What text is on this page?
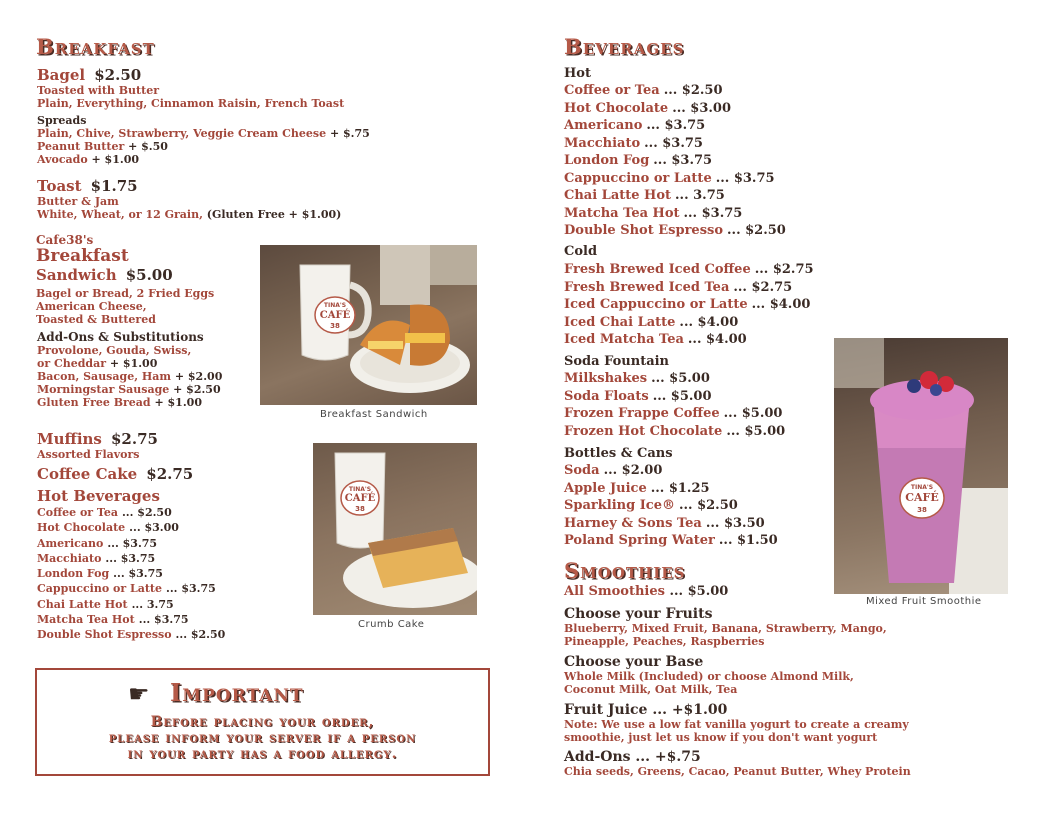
Breakfast
Bagel $2.50
Toasted with Butter
Plain, Everything, Cinnamon Raisin, French Toast
Spreads
Plain, Chive, Strawberry, Veggie Cream Cheese + $.75
Peanut Butter + $.50
Avocado + $1.00
Toast $1.75
Butter & Jam
White, Wheat, or 12 Grain, (Gluten Free + $1.00)
Cafe38's
Breakfast
Sandwich $5.00
Bagel or Bread, 2 Fried Eggs
American Cheese,
Toasted & Buttered
Add-Ons & Substitutions
Provolone, Gouda, Swiss,
or Cheddar + $1.00
Bacon, Sausage, Ham + $2.00
Morningstar Sausage + $2.50
Gluten Free Bread + $1.00
Muffins $2.75
Assorted Flavors
Coffee Cake $2.75
Hot Beverages
Coffee or Tea ... $2.50
Hot Chocolate ... $3.00
Americano ... $3.75
Macchiato ... $3.75
London Fog ... $3.75
Cappuccino or Latte ... $3.75
Chai Latte Hot ... 3.75
Matcha Tea Hot ... $3.75
Double Shot Espresso ... $2.50
TINA'S
CAFÉ
38
Breakfast Sandwich
TINA'S
CAFÉ
38
Crumb Cake
☛ Important
Before placing your order,
please inform your server if a person
in your party has a food allergy.
Beverages
Hot
Coffee or Tea ... $2.50
Hot Chocolate ... $3.00
Americano ... $3.75
Macchiato ... $3.75
London Fog ... $3.75
Cappuccino or Latte ... $3.75
Chai Latte Hot ... 3.75
Matcha Tea Hot ... $3.75
Double Shot Espresso ... $2.50
Cold
Fresh Brewed Iced Coffee ... $2.75
Fresh Brewed Iced Tea ... $2.75
Iced Cappuccino or Latte ... $4.00
Iced Chai Latte ... $4.00
Iced Matcha Tea ... $4.00
Soda Fountain
Milkshakes ... $5.00
Soda Floats ... $5.00
Frozen Frappe Coffee ... $5.00
Frozen Hot Chocolate ... $5.00
Bottles & Cans
Soda ... $2.00
Apple Juice ... $1.25
Sparkling Ice® ... $2.50
Harney & Sons Tea ... $3.50
Poland Spring Water ... $1.50
Smoothies
All Smoothies ... $5.00
Choose your Fruits
Blueberry, Mixed Fruit, Banana, Strawberry, Mango,
Pineapple, Peaches, Raspberries
Choose your Base
Whole Milk (Included) or choose Almond Milk,
Coconut Milk, Oat Milk, Tea
Fruit Juice ... +$1.00
Note: We use a low fat vanilla yogurt to create a creamy
smoothie, just let us know if you don't want yogurt
Add-Ons ... +$.75
Chia seeds, Greens, Cacao, Peanut Butter, Whey Protein
TINA'S
CAFÉ
38
Mixed Fruit Smoothie
